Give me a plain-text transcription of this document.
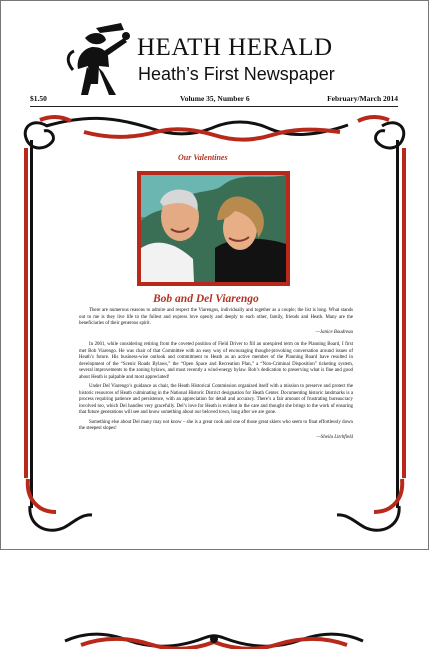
HEATH HERALD
Heath’s First Newspaper
$1.50	Volume 35, Number 6	February/March 2014
Our Valentines
Bob and Del Viarengo

There are numerous reasons to admire and respect the Viarengos, individually and together as a couple; the list is long. What stands out to me is they live life to the fullest and express love openly and deeply to each other, family, friends and Heath. Many are the beneficiaries of their generous spirit.

—Janice Boudreau

In 2001, while considering retiring from the coveted position of Field Driver to fill an unexpired term on the Planning Board, I first met Bob Viarengo. He was chair of that Committee with an easy way of encouraging thought-provoking conversation around issues of Heath’s future. His business-wise outlook and commitment to Heath as an active member of the Planning Board have resulted in development of the “Scenic Roads Bylaws,” the “Open Space and Recreation Plan,” a “Non-Criminal Disposition” ticketing system, several improvements to the zoning bylaws, and most recently a wind-energy bylaw. Bob’s dedication to preserving what is fine and good about Heath is palpable and most appreciated!

Under Del Viarengo’s guidance as chair, the Heath Historical Commission organized itself with a mission to preserve and protect the historic resources of Heath culminating in the National Historic District designation for Heath Center. Documenting historic landmarks is a process requiring patience and persistence, with an appreciation for detail and accuracy. There’s a fair amount of frustrating bureaucracy involved too, which Del handles very gracefully. Del’s love for Heath is evident in the care and thought she brings to the work of ensuring that future generations will see and know something about our beloved town, long after we are gone.

Something else about Del many may not know – she is a great cook and one of those great skiers who seem to float effortlessly down the steepest slopes!

—Sheila Litchfield
